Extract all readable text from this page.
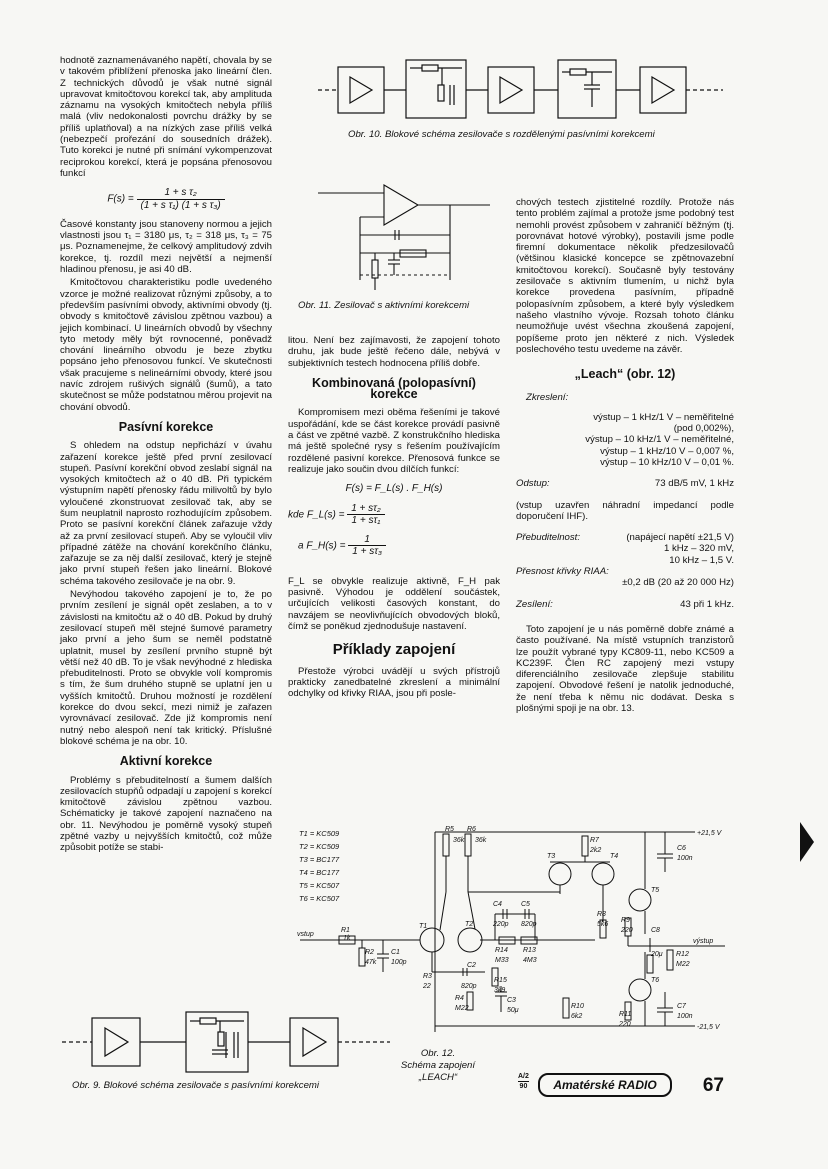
hodnotě zaznamenávaného napětí, chovala by se v takovém přiblížení přenoska jako lineární člen. Z technických důvodů je však nutné signál upravovat kmitočtovou korekcí tak, aby amplituda záznamu na vysokých kmitočtech nebyla příliš malá (vliv nedokonalosti povrchu drážky by se příliš uplatňoval) a na nízkých zase příliš velká (nebezpečí prořezání do sousedních drážek). Tuto korekci je nutné při snímání vykompenzovat reciprokou korekcí, která je popsána přenosovou funkcí

$F(s) = \frac{\text{1 + s τ₂}}{\text{(1 + s τ₁) (1 + s τ₃)}}$

Časové konstanty jsou stanoveny normou a jejich vlastnosti jsou τ₁ = 3180 μs, τ₂ = 318 μs, τ₃ = 75 μs. Poznamenejme, že celkový amplitudový zdvih korekce, tj. rozdíl mezi největší a nejmenší hladinou přenosu, je asi 40 dB.

Kmitočtovou charakteristiku podle uvedeného vzorce je možné realizovat různými způsoby, a to především pasívními obvody, aktivními obvody (tj. obvody s kmitočtově závislou zpětnou vazbou) a jejich kombinací. U lineárních obvodů by všechny tyto metody měly být rovnocenné, poněvadž chování lineárního obvodu je beze zbytku popsáno jeho přenosovou funkcí. Ve skutečnosti však pracujeme s nelineárními obvody, které jsou navíc zdrojem rušivých signálů (šumů), a tato skutečnost se může podstatnou měrou projevit na chování obvodů.

Pasívní korekce

S ohledem na odstup nepřichází v úvahu zařazení korekce ještě před první zesilovací stupeň. Pasívní korekční obvod zeslabí signál na vysokých kmitočtech až o 40 dB. Při typickém výstupním napětí přenosky řádu milivoltů by bylo vyloučené zkonstruovat zesilovač tak, aby se šum neuplatnil naprosto rozhodujícím způsobem. Proto se pasívní korekční článek zařazuje vždy až za první zesilovací stupeň. Aby se vyloučil vliv případné zátěže na chování korekčního článku, zařazuje se za něj další zesilovač, který je stejně jako první stupeň řešen jako lineární. Blokové schéma takového zesilovače je na obr. 9.

Nevýhodou takového zapojení je to, že po prvním zesílení je signál opět zeslaben, a to v závislosti na kmitočtu až o 40 dB. Pokud by druhý zesilovací stupeň měl stejné šumové parametry jako první a jeho šum se neměl podstatně uplatnit, musel by zesílení prvního stupně být větší než 40 dB. To je však nevýhodné z hlediska přebuditelnosti. Proto se obvykle volí kompromis s tím, že šum druhého stupně se uplatní jen u vyšších kmitočtů. Druhou možností je rozdělení korekce do dvou sekcí, mezi nimiž je zařazen vyrovnávací zesilovač. Zde již kompromis není nutný nebo alespoň není tak kritický. Příslušné blokové schéma je na obr. 10.

Aktivní korekce

Problémy s přebuditelností a šumem dalších zesilovacích stupňů odpadají u zapojení s korekcí kmitočtově závislou zpětnou vazbou. Schématicky je takové zapojení naznačeno na obr. 11. Nevýhodou je poměrně vysoký stupeň zpětné vazby u nejvyšších kmitočtů, což může způsobit potíže se stabi-

Obr. 10. Blokové schéma zesilovače s rozdělenými pasívními korekcemi
Obr. 11. Zesilovač s aktivními korekcemi

litou. Není bez zajímavosti, že zapojení tohoto druhu, jak bude ještě řečeno dále, nebývá v subjektivních testech hodnocena příliš dobře.

Kombinovaná (polopasívní) korekce

Kompromisem mezi oběma řešeními je takové uspořádání, kde se část korekce provádí pasivně a část ve zpětné vazbě. Z konstrukčního hlediska má ještě společné rysy s řešením používajícím rozdělené pasivní korekce. Přenosová funkce se realizuje jako součin dvou dílčích funkcí:

F(s) = F_L(s) . F_H(s)
kde F_L(s) = $\frac{\text{1 + sτ₂}}{\text{1 + sτ₁}}$
a F_H(s) = $\frac{1}{\text{1 + sτ₃}}$

F_L se obvykle realizuje aktivně, F_H pak pasivně. Výhodou je oddělení součástek, určujících velikosti časových konstant, do navzájem se neovlivňujících obvodových bloků, čímž se poněkud zjednodušuje nastavení.

Příklady zapojení

Přestože výrobci uvádějí u svých přístrojů prakticky zanedbatelné zkreslení a minimální odchylky od křivky RIAA, jsou při posle-

chových testech zjistitelné rozdíly. Protože nás tento problém zajímal a protože jsme podobný test nemohli provést způsobem v zahraničí běžným (tj. porovnávat hotové výrobky), postavili jsme podle firemní dokumentace několik předzesilovačů (většinou klasické koncepce se zpětnovazební kmitočtovou korekcí). Současně byly testovány zesilovače s aktivním tlumením, u nichž byla korekce provedena pasívním, případně polopasívním způsobem, a které byly výsledkem našeho vlastního vývoje. Rozsah tohoto článku neumožňuje uvést všechna zkoušená zapojení, popíšeme proto jen některé z nich. Výsledek poslechového testu uvedeme na závěr.

„Leach“ (obr. 12)

Zkreslení:

výstup – 1 kHz/1 V – neměřitelné
(pod 0,002%),
výstup – 10 kHz/1 V – neměřitelné,
výstup – 1 kHz/10 V – 0,007 %,
výstup – 10 kHz/10 V – 0,01 %.
Odstup:	73 dB/5 mV, 1 kHz

(vstup uzavřen náhradní impedancí podle doporučení IHF).

Přebuditelnost:	(napájecí napětí ±21,5 V)
1 kHz – 320 mV,
10 kHz – 1,5 V.
Přesnost křivky RIAA:
±0,2 dB (20 až 20 000 Hz)
Zesílení:	43 při 1 kHz.

Toto zapojení je u nás poměrně dobře známé a často používané. Na místě vstupních tranzistorů lze použít vybrané typy KC809-11, nebo KC509 a KC239F. Člen RC zapojený mezi vstupy diferenciálního zesilovače zlepšuje stabilitu zapojení. Obvodové řešení je natolik jednoduché, že není třeba k němu nic dodávat. Deska s plošnými spoji je na obr. 13.

T1 = KC509
T2 = KC509
T3 = BC177
T4 = BC177
T5 = KC507
T6 = KC507
R5
36k
R6
36k	R7
2k2	C6
100n
T3	T4
T5
T6
T1	T2
R8
5k6
R9
220	C8
20μ R12
M22
R10
6k2	R11
220
C7
100n
C4
220p
C5
820p
R14
M33
R13
4M3
C2
820p
R15
3k9
R4
M22
C3
50μ
R3
22
R1
1k
R2
47k
C1
100p
vstup
výstup
+21,5 V
-21,5 V
Obr. 9. Blokové schéma zesilovače s pasívními korekcemi
Obr. 12.
Schéma zapojení
„LEACH“	A/2
90	Amatérské RADIO	67
